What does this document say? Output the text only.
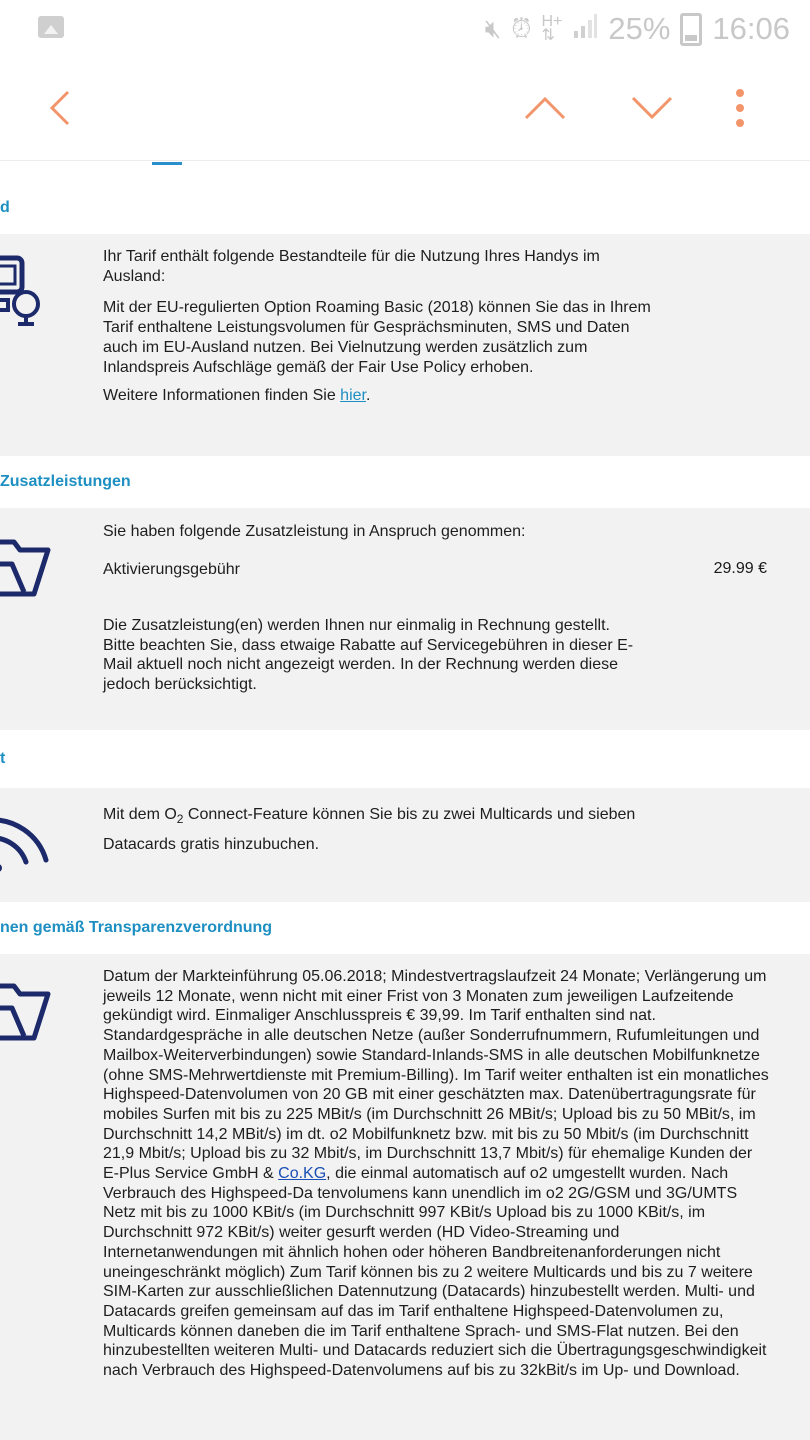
🔇︎ ⏰︎ H+
⇅ 25% 16:06
d

Ihr Tarif enthält folgende Bestandteile für die Nutzung Ihres Handys im Ausland:

Mit der EU-regulierten Option Roaming Basic (2018) können Sie das in Ihrem Tarif enthaltene Leistungsvolumen für Gesprächsminuten, SMS und Daten auch im EU-Ausland nutzen. Bei Vielnutzung werden zusätzlich zum Inlandspreis Aufschläge gemäß der Fair Use Policy erhoben.

Weitere Informationen finden Sie hier.

Zusatzleistungen
Sie haben folgende Zusatzleistung in Anspruch genommen:
Aktivierungsgebühr	29.99 €

Die Zusatzleistung(en) werden Ihnen nur einmalig in Rechnung gestellt.

Bitte beachten Sie, dass etwaige Rabatte auf Servicegebühren in dieser E-Mail aktuell noch nicht angezeigt werden. In der Rechnung werden diese jedoch berücksichtigt.

t
Mit dem $O_2$ Connect-Feature können Sie bis zu zwei Multicards und sieben Datacards gratis hinzubuchen.
nen gemäß Transparenzverordnung
Datum der Markteinführung 05.06.2018; Mindestvertragslaufzeit 24 Monate; Verlängerung um jeweils 12 Monate, wenn nicht mit einer Frist von 3 Monaten zum jeweiligen Laufzeitende gekündigt wird. Einmaliger Anschlusspreis € 39,99. Im Tarif enthalten sind nat. Standardgespräche in alle deutschen Netze (außer Sonderrufnummern, Rufumleitungen und Mailbox-Weiterverbindungen) sowie Standard-Inlands-SMS in alle deutschen Mobilfunknetze (ohne SMS-Mehrwertdienste mit Premium-Billing). Im Tarif weiter enthalten ist ein monatliches Highspeed-Datenvolumen von 20 GB mit einer geschätzten max. Datenübertragungsrate für mobiles Surfen mit bis zu 225 MBit/s (im Durchschnitt 26 MBit/s; Upload bis zu 50 MBit/s, im Durchschnitt 14,2 MBit/s) im dt. o2 Mobilfunknetz bzw. mit bis zu 50 Mbit/s (im Durchschnitt 21,9 Mbit/s; Upload bis zu 32 Mbit/s, im Durchschnitt 13,7 Mbit/s) für ehemalige Kunden der E-Plus Service GmbH & Co.KG, die einmal automatisch auf o2 umgestellt wurden. Nach Verbrauch des Highspeed-Da tenvolumens kann unendlich im o2 2G/GSM und 3G/UMTS Netz mit bis zu 1000 KBit/s (im Durchschnitt 997 KBit/s Upload bis zu 1000 KBit/s, im Durchschnitt 972 KBit/s) weiter gesurft werden (HD Video-Streaming und Internetanwendungen mit ähnlich hohen oder höheren Bandbreitenanforderungen nicht uneingeschränkt möglich) Zum Tarif können bis zu 2 weitere Multicards und bis zu 7 weitere SIM-Karten zur ausschließlichen Datennutzung (Datacards) hinzubestellt werden. Multi- und Datacards greifen gemeinsam auf das im Tarif enthaltene Highspeed-Datenvolumen zu, Multicards können daneben die im Tarif enthaltene Sprach- und SMS-Flat nutzen. Bei den hinzubestellten weiteren Multi- und Datacards reduziert sich die Übertragungsgeschwindigkeit nach Verbrauch des Highspeed-Datenvolumens auf bis zu 32kBit/s im Up- und Download.
